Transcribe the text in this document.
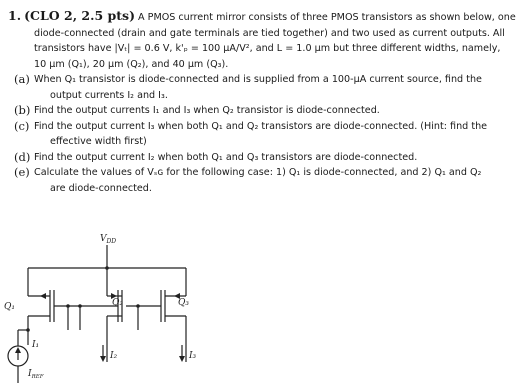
1. (CLO 2, 2.5 pts) A PMOS current mirror consists of three PMOS transistors as shown below, one
diode-connected (drain and gate terminals are tied together) and two used as current outputs. All
transistors have |Vₜ| = 0.6 V, k'ₚ = 100 µA/V², and L = 1.0 µm but three different widths, namely,
10 µm (Q₁), 20 µm (Q₂), and 40 µm (Q₃).
(a) When Q₁ transistor is diode-connected and is supplied from a 100-µA current source, find the
output currents I₂ and I₃.
(b) Find the output currents I₁ and I₃ when Q₂ transistor is diode-connected.
(c) Find the output current I₃ when both Q₁ and Q₂ transistors are diode-connected. (Hint: find the
effective width first)
(d) Find the output current I₂ when both Q₁ and Q₃ transistors are diode-connected.
(e) Calculate the values of Vₛɢ for the following case: 1) Q₁ is diode-connected, and 2) Q₁ and Q₂
are diode-connected.
$V_{DD}$
Q₁	Q₂	Q₃
I₁
I₂	I₃
$I_{REF}$
